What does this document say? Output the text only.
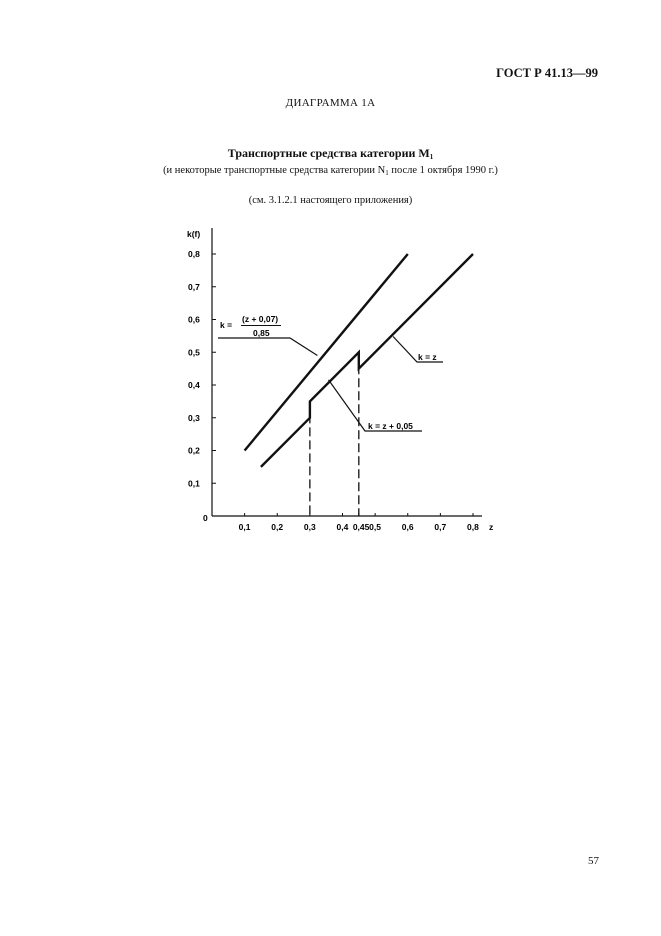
ГОСТ Р 41.13—99
ДИАГРАММА 1А
Транспортные средства категории $M_1$
(и некоторые транспортные средства категории $N_1$ после 1 октября 1990 г.)
(см. 3.1.2.1 настоящего приложения)
k(f)
z
0
0,1
0,2
0,3
0,4
0,5
0,6
0,7
0,8
0,1 0,2 0,3 0,4 0,45 0,5 0,6 0,7 0,8
k =
(z + 0,07)
0,85
k = z
k = z + 0,05
57
